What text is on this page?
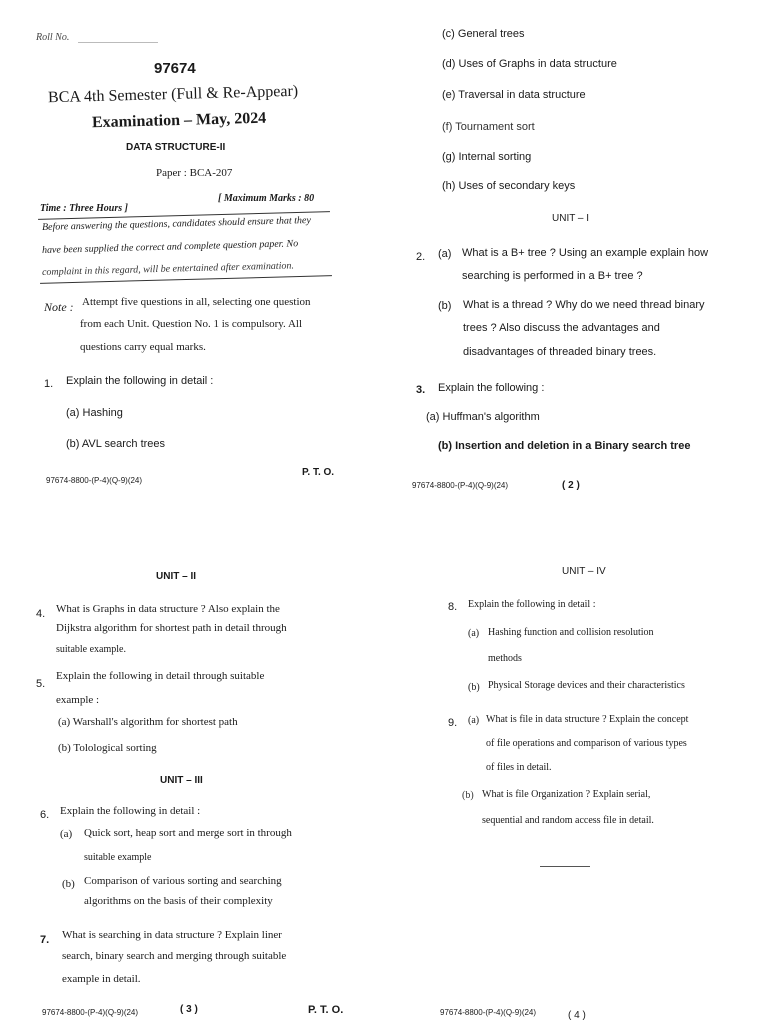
Roll No.
97674
BCA 4th Semester (Full & Re-Appear)
Examination – May, 2024
DATA STRUCTURE-II
Paper : BCA-207
Time : Three Hours ]
[ Maximum Marks : 80
Before answering the questions, candidates should ensure that they
have been supplied the correct and complete question paper. No
complaint in this regard, will be entertained after examination.
Note : Attempt five questions in all, selecting one question
from each Unit. Question No. 1 is compulsory. All
questions carry equal marks.
1. Explain the following in detail :
(a) Hashing
(b) AVL search trees
97674-8800-(P-4)(Q-9)(24)
P. T. O.
(c) General trees
(d) Uses of Graphs in data structure
(e) Traversal in data structure
(f) Tournament sort
(g) Internal sorting
(h) Uses of secondary keys
UNIT – I
2. (a) What is a B+ tree ? Using an example explain how
searching is performed in a B+ tree ?
(b) What is a thread ? Why do we need thread binary
trees ? Also discuss the advantages and
disadvantages of threaded binary trees.
3. Explain the following :
(a) Huffman's algorithm
(b) Insertion and deletion in a Binary search tree
97674-8800-(P-4)(Q-9)(24)	( 2 )
UNIT – II
4. What is Graphs in data structure ? Also explain the
Dijkstra algorithm for shortest path in detail through
suitable example.
5.
Explain the following in detail through suitable
example :
(a) Warshall's algorithm for shortest path
(b) Tolological sorting
UNIT – III
6. Explain the following in detail :
(a) Quick sort, heap sort and merge sort in through
suitable example
(b) Comparison of various sorting and searching
algorithms on the basis of their complexity
7. What is searching in data structure ? Explain liner
search, binary search and merging through suitable
example in detail.
97674-8800-(P-4)(Q-9)(24)	( 3 )	P. T. O.
UNIT – IV
8. Explain the following in detail :
(a) Hashing function and collision resolution
methods
(b) Physical Storage devices and their characteristics
9. (a) What is file in data structure ? Explain the concept
of file operations and comparison of various types
of files in detail.
(b) What is file Organization ? Explain serial,
sequential and random access file in detail.
97674-8800-(P-4)(Q-9)(24)	( 4 )
